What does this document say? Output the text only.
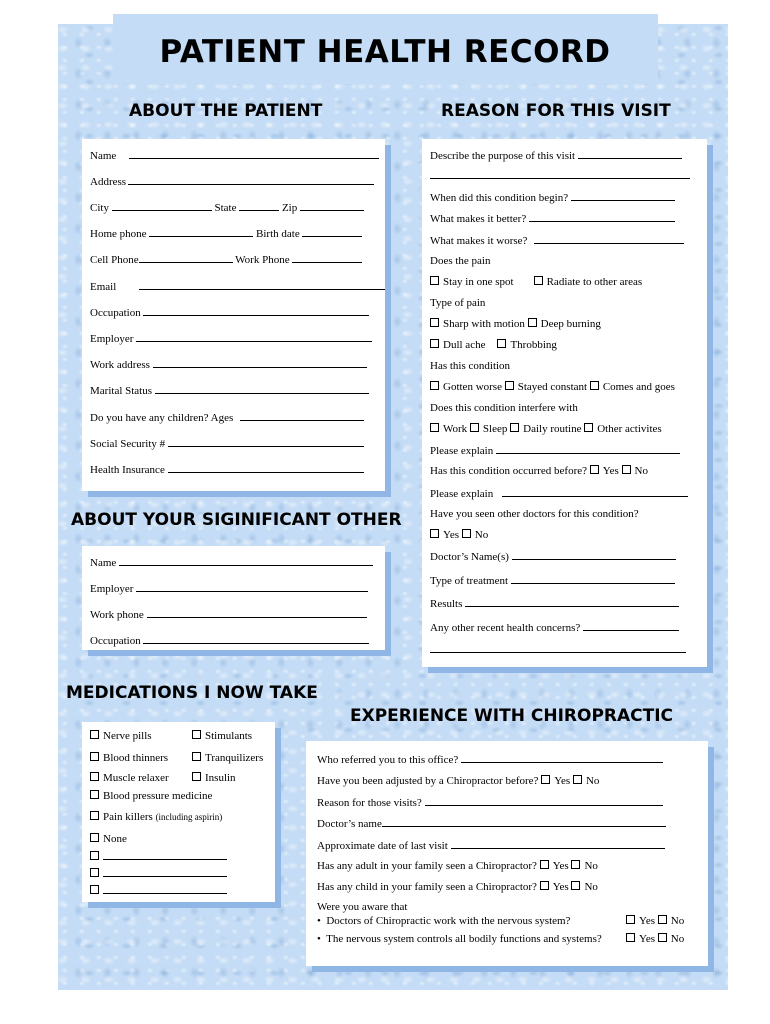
PATIENT HEALTH RECORD
ABOUT THE PATIENT	REASON FOR THIS VISIT
Name
Address
City	State	Zip
Home phone	Birth date
Cell Phone	Work Phone
Email
Occupation
Employer
Work address
Marital Status
Do you have any children? Ages
Social Security #
Health Insurance
Describe the purpose of this visit
When did this condition begin?
What makes it better?
What makes it worse?
Does the pain
Stay in one spot	Radiate to other areas
Type of pain
Sharp with motion Deep burning
Dull ache Throbbing
Has this condition
Gotten worse Stayed constant Comes and goes
Does this condition interfere with
Work Sleep Daily routine Other activites
Please explain
Has this condition occurred before? Yes No
Please explain
Have you seen other doctors for this condition?
Yes No
Doctor’s Name(s)
Type of treatment
Results
Any other recent health concerns?
ABOUT YOUR SIGINIFICANT OTHER
Name
Employer
Work phone
Occupation
MEDICATIONS I NOW TAKE
Nerve pills	Stimulants
Blood thinners	Tranquilizers
Muscle relaxer	Insulin
Blood pressure medicine
Pain killers (including aspirin)
None
EXPERIENCE WITH CHIROPRACTIC
Who referred you to this office?
Have you been adjusted by a Chiropractor before? Yes No
Reason for those visits?
Doctor’s name
Approximate date of last visit
Has any adult in your family seen a Chiropractor? Yes No
Has any child in your family seen a Chiropractor? Yes No
Were you aware that
• Doctors of Chiropractic work with the nervous system?	Yes No
• The nervous system controls all bodily functions and systems?	Yes No
